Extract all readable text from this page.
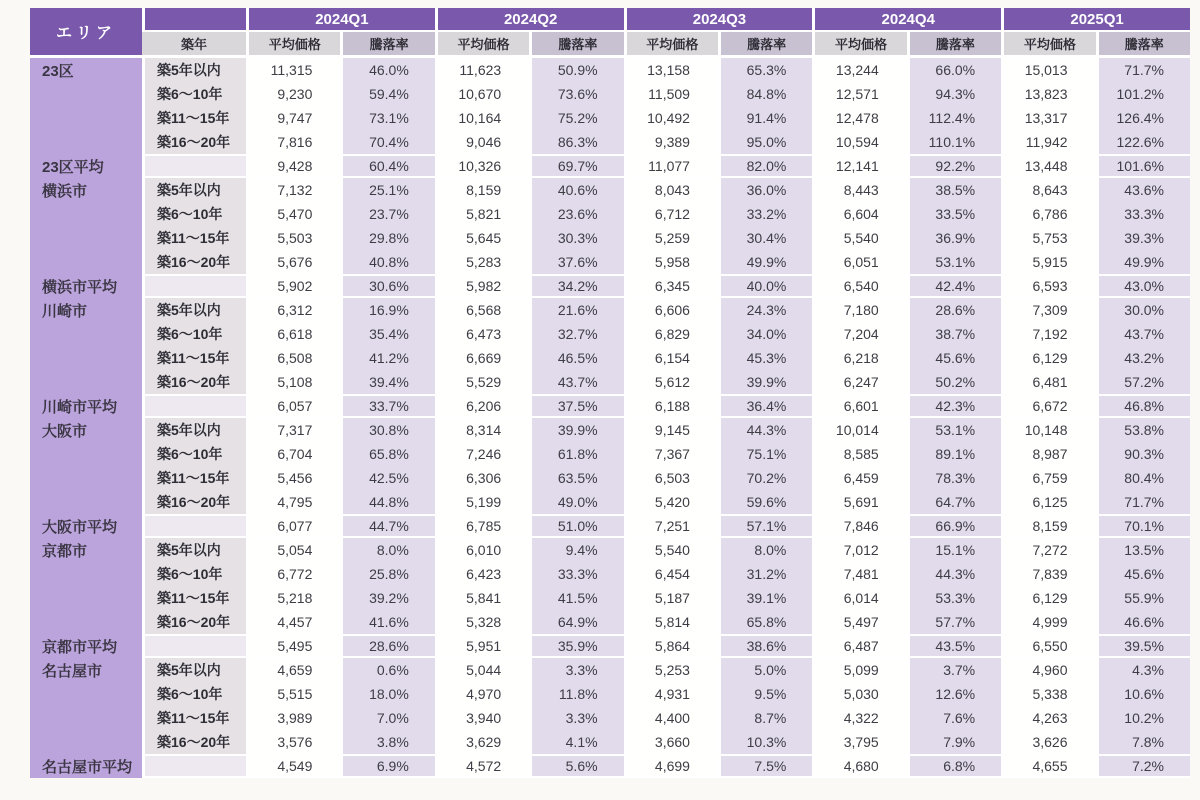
エリア		2024Q1		2024Q2		2024Q3		2024Q4		2025Q1	
	築年	平均価格	騰落率	平均価格	騰落率	平均価格	騰落率	平均価格	騰落率	平均価格	騰落率
23区	築5年以内	11,315	46.0%	11,623	50.9%	13,158	65.3%	13,244	66.0%	15,013	71.7%
	築6〜10年	9,230	59.4%	10,670	73.6%	11,509	84.8%	12,571	94.3%	13,823	101.2%
	築11〜15年	9,747	73.1%	10,164	75.2%	10,492	91.4%	12,478	112.4%	13,317	126.4%
	築16〜20年	7,816	70.4%	9,046	86.3%	9,389	95.0%	10,594	110.1%	11,942	122.6%
23区平均		9,428	60.4%	10,326	69.7%	11,077	82.0%	12,141	92.2%	13,448	101.6%
横浜市	築5年以内	7,132	25.1%	8,159	40.6%	8,043	36.0%	8,443	38.5%	8,643	43.6%
	築6〜10年	5,470	23.7%	5,821	23.6%	6,712	33.2%	6,604	33.5%	6,786	33.3%
	築11〜15年	5,503	29.8%	5,645	30.3%	5,259	30.4%	5,540	36.9%	5,753	39.3%
	築16〜20年	5,676	40.8%	5,283	37.6%	5,958	49.9%	6,051	53.1%	5,915	49.9%
横浜市平均		5,902	30.6%	5,982	34.2%	6,345	40.0%	6,540	42.4%	6,593	43.0%
川崎市	築5年以内	6,312	16.9%	6,568	21.6%	6,606	24.3%	7,180	28.6%	7,309	30.0%
	築6〜10年	6,618	35.4%	6,473	32.7%	6,829	34.0%	7,204	38.7%	7,192	43.7%
	築11〜15年	6,508	41.2%	6,669	46.5%	6,154	45.3%	6,218	45.6%	6,129	43.2%
	築16〜20年	5,108	39.4%	5,529	43.7%	5,612	39.9%	6,247	50.2%	6,481	57.2%
川崎市平均		6,057	33.7%	6,206	37.5%	6,188	36.4%	6,601	42.3%	6,672	46.8%
大阪市	築5年以内	7,317	30.8%	8,314	39.9%	9,145	44.3%	10,014	53.1%	10,148	53.8%
	築6〜10年	6,704	65.8%	7,246	61.8%	7,367	75.1%	8,585	89.1%	8,987	90.3%
	築11〜15年	5,456	42.5%	6,306	63.5%	6,503	70.2%	6,459	78.3%	6,759	80.4%
	築16〜20年	4,795	44.8%	5,199	49.0%	5,420	59.6%	5,691	64.7%	6,125	71.7%
大阪市平均		6,077	44.7%	6,785	51.0%	7,251	57.1%	7,846	66.9%	8,159	70.1%
京都市	築5年以内	5,054	8.0%	6,010	9.4%	5,540	8.0%	7,012	15.1%	7,272	13.5%
	築6〜10年	6,772	25.8%	6,423	33.3%	6,454	31.2%	7,481	44.3%	7,839	45.6%
	築11〜15年	5,218	39.2%	5,841	41.5%	5,187	39.1%	6,014	53.3%	6,129	55.9%
	築16〜20年	4,457	41.6%	5,328	64.9%	5,814	65.8%	5,497	57.7%	4,999	46.6%
京都市平均		5,495	28.6%	5,951	35.9%	5,864	38.6%	6,487	43.5%	6,550	39.5%
名古屋市	築5年以内	4,659	0.6%	5,044	3.3%	5,253	5.0%	5,099	3.7%	4,960	4.3%
	築6〜10年	5,515	18.0%	4,970	11.8%	4,931	9.5%	5,030	12.6%	5,338	10.6%
	築11〜15年	3,989	7.0%	3,940	3.3%	4,400	8.7%	4,322	7.6%	4,263	10.2%
	築16〜20年	3,576	3.8%	3,629	4.1%	3,660	10.3%	3,795	7.9%	3,626	7.8%
名古屋市平均		4,549	6.9%	4,572	5.6%	4,699	7.5%	4,680	6.8%	4,655	7.2%
